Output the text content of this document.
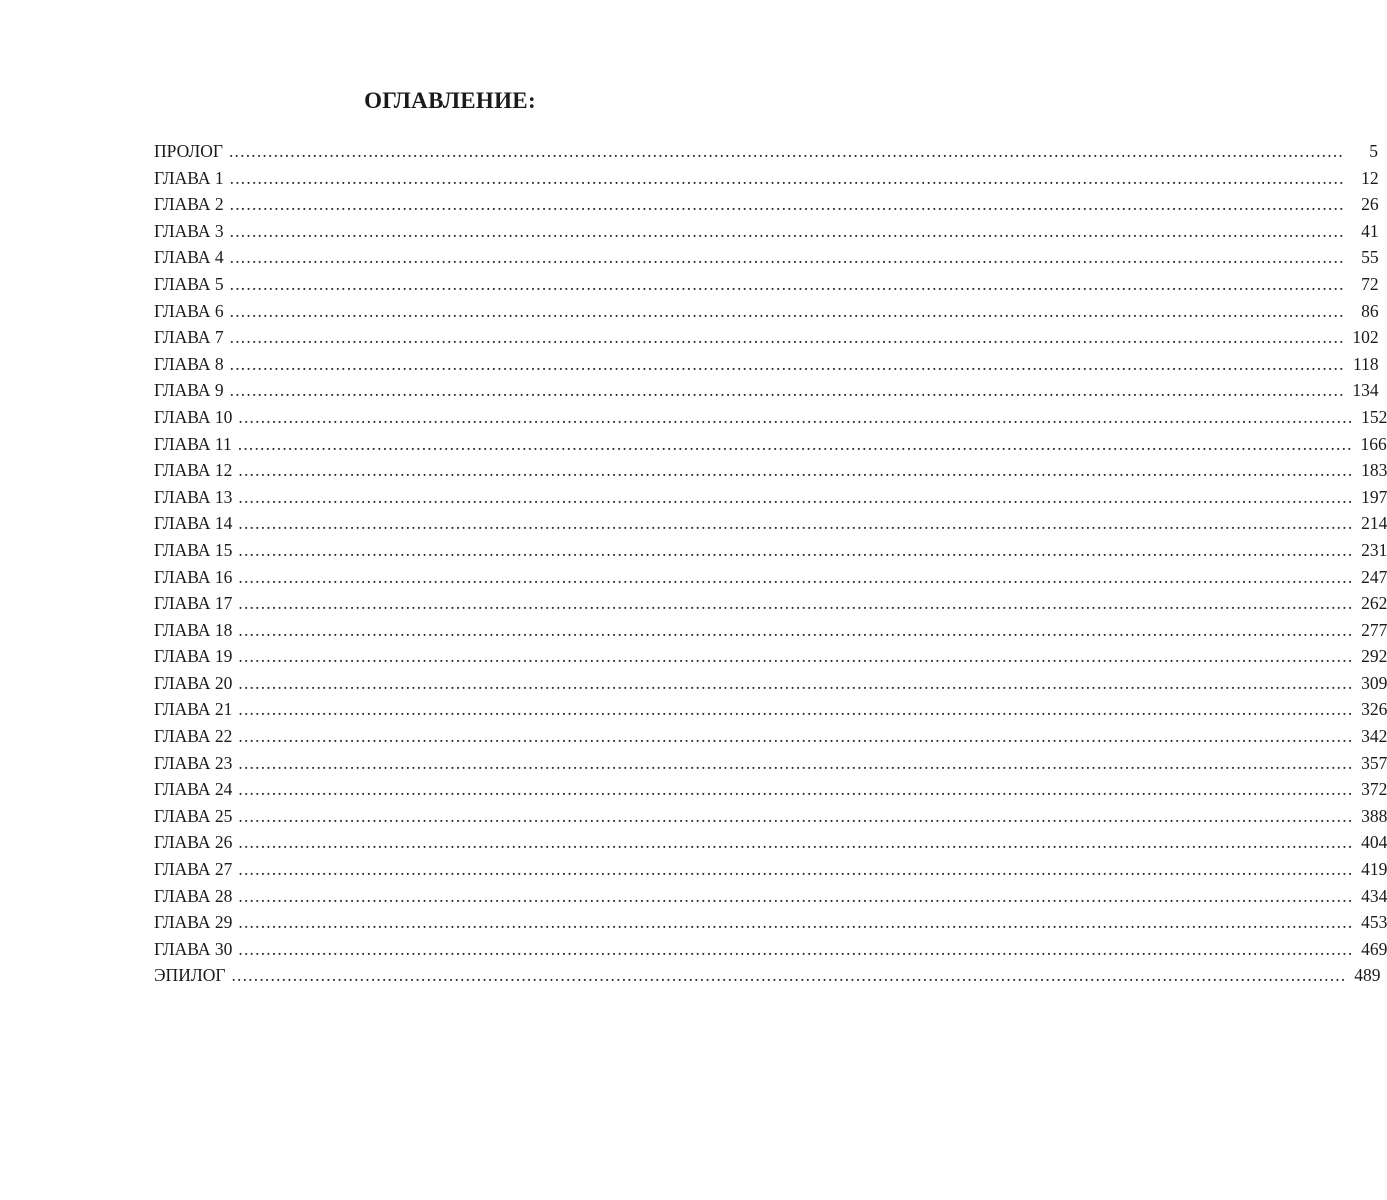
ОГЛАВЛЕНИЕ:
ПРОЛОГ ........................................................................................................................................................................................................	5
ГЛАВА 1 ........................................................................................................................................................................................................ 12
ГЛАВА 2 ........................................................................................................................................................................................................ 26
ГЛАВА 3 ........................................................................................................................................................................................................ 41
ГЛАВА 4 ........................................................................................................................................................................................................ 55
ГЛАВА 5 ........................................................................................................................................................................................................ 72
ГЛАВА 6 ........................................................................................................................................................................................................ 86
ГЛАВА 7 ........................................................................................................................................................................................................ 102
ГЛАВА 8 ........................................................................................................................................................................................................ 118
ГЛАВА 9 ........................................................................................................................................................................................................ 134
ГЛАВА 10 ........................................................................................................................................................................................................ 152
ГЛАВА 11 ........................................................................................................................................................................................................ 166
ГЛАВА 12 ........................................................................................................................................................................................................ 183
ГЛАВА 13 ........................................................................................................................................................................................................ 197
ГЛАВА 14 ........................................................................................................................................................................................................ 214
ГЛАВА 15 ........................................................................................................................................................................................................ 231
ГЛАВА 16 ........................................................................................................................................................................................................ 247
ГЛАВА 17 ........................................................................................................................................................................................................ 262
ГЛАВА 18 ........................................................................................................................................................................................................ 277
ГЛАВА 19 ........................................................................................................................................................................................................ 292
ГЛАВА 20 ........................................................................................................................................................................................................ 309
ГЛАВА 21 ........................................................................................................................................................................................................ 326
ГЛАВА 22 ........................................................................................................................................................................................................ 342
ГЛАВА 23 ........................................................................................................................................................................................................ 357
ГЛАВА 24 ........................................................................................................................................................................................................ 372
ГЛАВА 25 ........................................................................................................................................................................................................ 388
ГЛАВА 26 ........................................................................................................................................................................................................ 404
ГЛАВА 27 ........................................................................................................................................................................................................ 419
ГЛАВА 28 ........................................................................................................................................................................................................ 434
ГЛАВА 29 ........................................................................................................................................................................................................ 453
ГЛАВА 30 ........................................................................................................................................................................................................ 469
ЭПИЛОГ ........................................................................................................................................................................................................ 489
